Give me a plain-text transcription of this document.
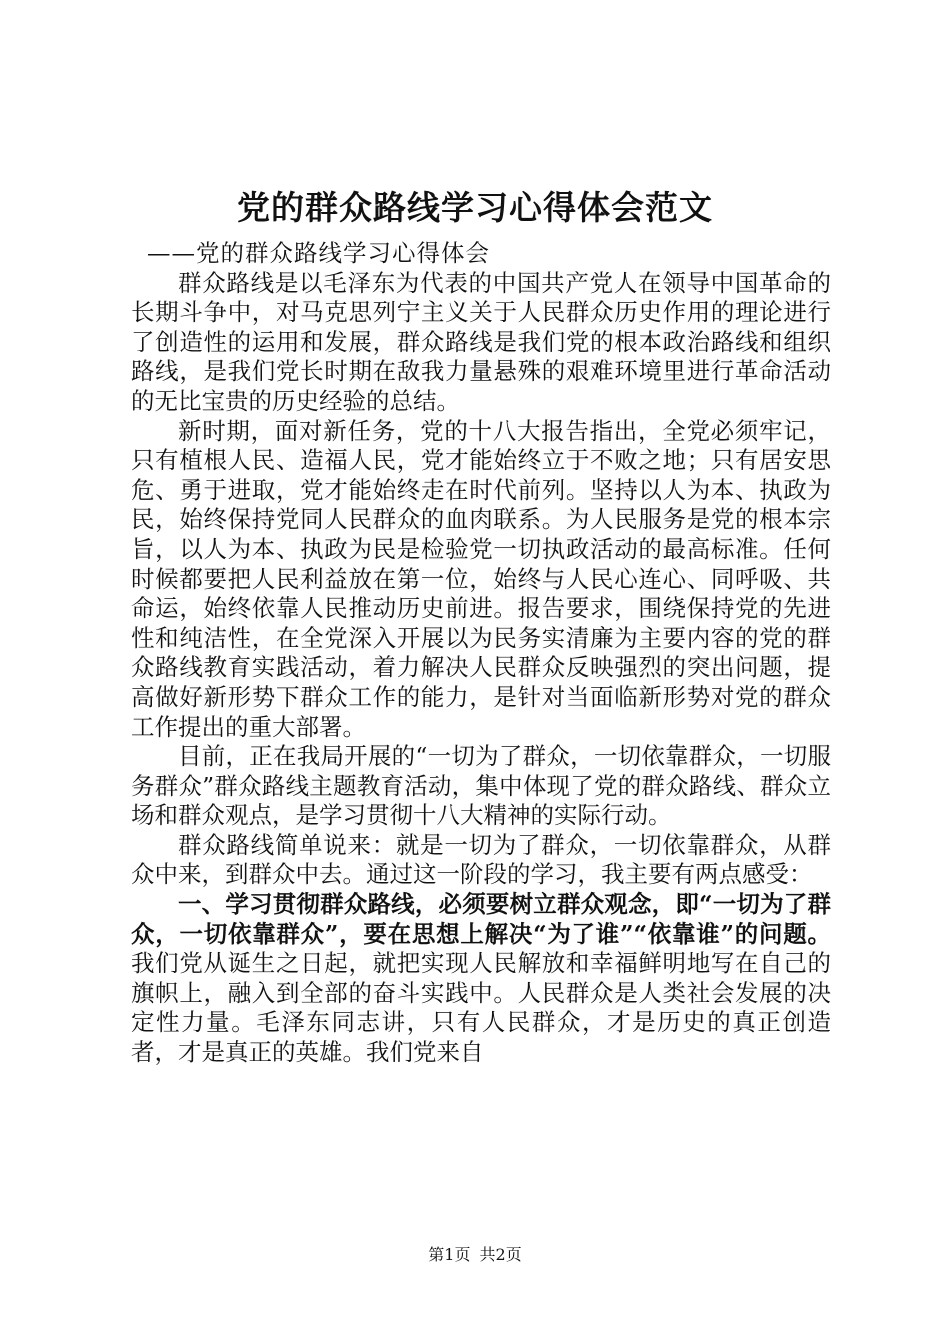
党的群众路线学习心得体会范文

——党的群众路线学习心得体会

群众路线是以毛泽东为代表的中国共产党人在领导中国革命的长期斗争中，对马克思列宁主义关于人民群众历史作用的理论进行了创造性的运用和发展，群众路线是我们党的根本政治路线和组织路线，是我们党长时期在敌我力量悬殊的艰难环境里进行革命活动的无比宝贵的历史经验的总结。

新时期，面对新任务，党的十八大报告指出，全党必须牢记，只有植根人民、造福人民，党才能始终立于不败之地；只有居安思危、勇于进取，党才能始终走在时代前列。坚持以人为本、执政为民，始终保持党同人民群众的血肉联系。为人民服务是党的根本宗旨，以人为本、执政为民是检验党一切执政活动的最高标准。任何时候都要把人民利益放在第一位，始终与人民心连心、同呼吸、共命运，始终依靠人民推动历史前进。报告要求，围绕保持党的先进性和纯洁性，在全党深入开展以为民务实清廉为主要内容的党的群众路线教育实践活动，着力解决人民群众反映强烈的突出问题，提高做好新形势下群众工作的能力，是针对当面临新形势对党的群众工作提出的重大部署。

目前，正在我局开展的“一切为了群众，一切依靠群众，一切服务群众”群众路线主题教育活动，集中体现了党的群众路线、群众立场和群众观点，是学习贯彻十八大精神的实际行动。

群众路线简单说来：就是一切为了群众，一切依靠群众，从群众中来，到群众中去。通过这一阶段的学习，我主要有两点感受：

一、学习贯彻群众路线，必须要树立群众观念，即“一切为了群众，一切依靠群众”，要在思想上解决“为了谁”“依靠谁”的问题。我们党从诞生之日起，就把实现人民解放和幸福鲜明地写在自己的旗帜上，融入到全部的奋斗实践中。人民群众是人类社会发展的决定性力量。毛泽东同志讲，只有人民群众，才是历史的真正创造者，才是真正的英雄。我们党来自

第1页 共2页
